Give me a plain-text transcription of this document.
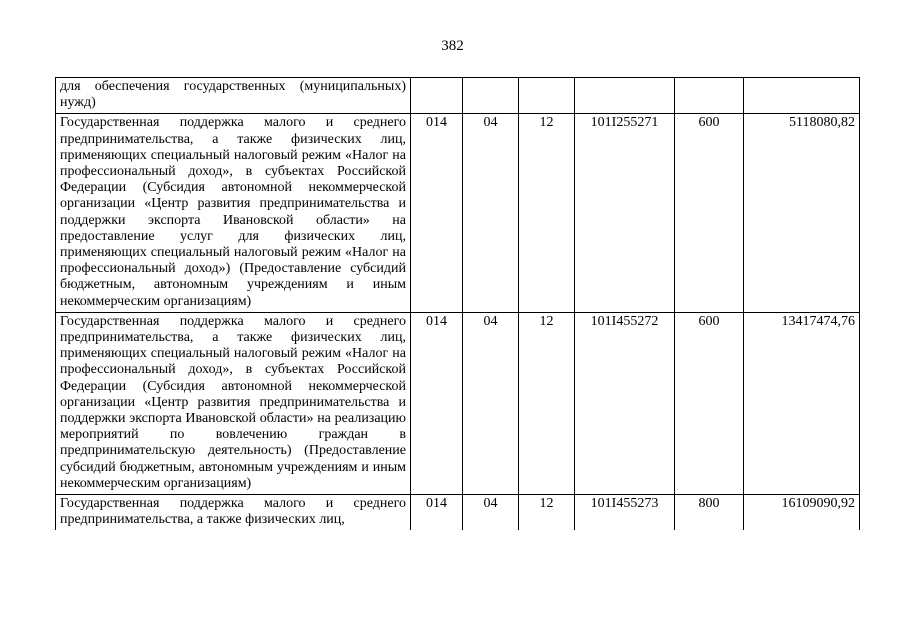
382
для обеспечения государственных (муниципальных) нужд)						
Государственная поддержка малого и среднего предпринимательства, а также физических лиц, применяющих специальный налоговый режим «Налог на профессиональный доход», в субъектах Российской Федерации (Субсидия автономной некоммерческой организации «Центр развития предпринимательства и поддержки экспорта Ивановской области» на предоставление услуг для физических лиц, применяющих специальный налоговый режим «Налог на профессиональный доход») (Предоставление субсидий бюджетным, автономным учреждениям и иным некоммерческим организациям)	014	04	12	101I255271	600	5118080,82
Государственная поддержка малого и среднего предпринимательства, а также физических лиц, применяющих специальный налоговый режим «Налог на профессиональный доход», в субъектах Российской Федерации (Субсидия автономной некоммерческой организации «Центр развития предпринимательства и поддержки экспорта Ивановской области» на реализацию мероприятий по вовлечению граждан в предпринимательскую деятельность) (Предоставление субсидий бюджетным, автономным учреждениям и иным некоммерческим организациям)	014	04	12	101I455272	600	13417474,76
Государственная поддержка малого и среднего предпринимательства, а также физических лиц,	014	04	12	101I455273	800	16109090,92
